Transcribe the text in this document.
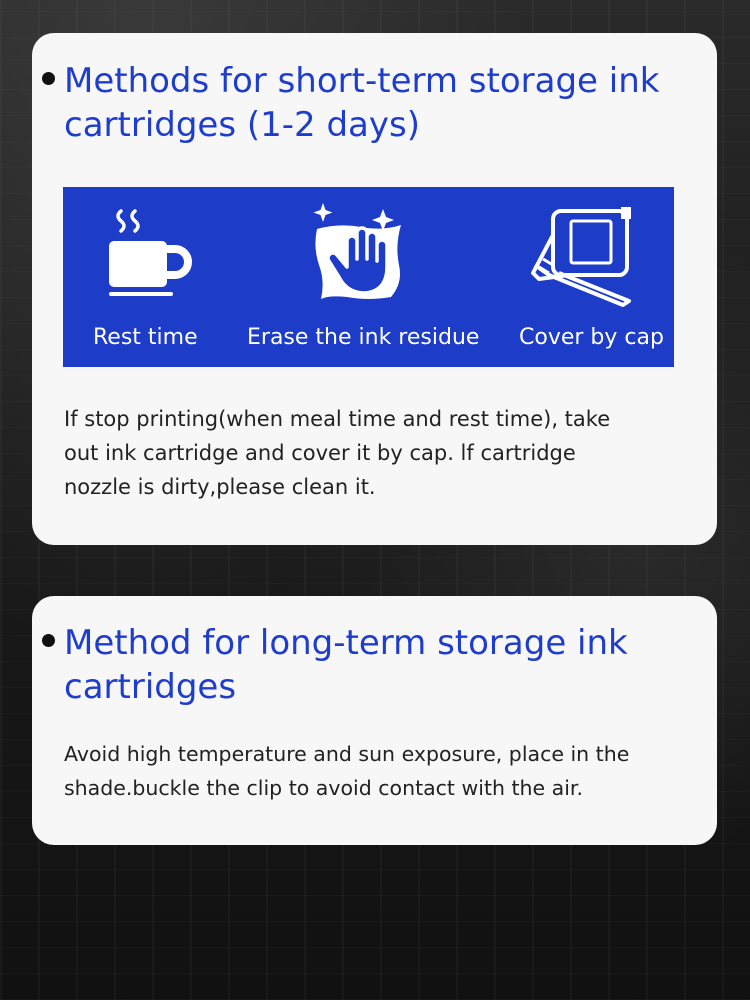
Methods for short-term storage ink
cartridges (1-2 days)
Rest time Erase the ink residue Cover by cap

If stop printing(when meal time and rest time), take
out ink cartridge and cover it by cap. lf cartridge
nozzle is dirty,please clean it.

Method for long-term storage ink
cartridges

Avoid high temperature and sun exposure, place in the
shade.buckle the clip to avoid contact with the air.
